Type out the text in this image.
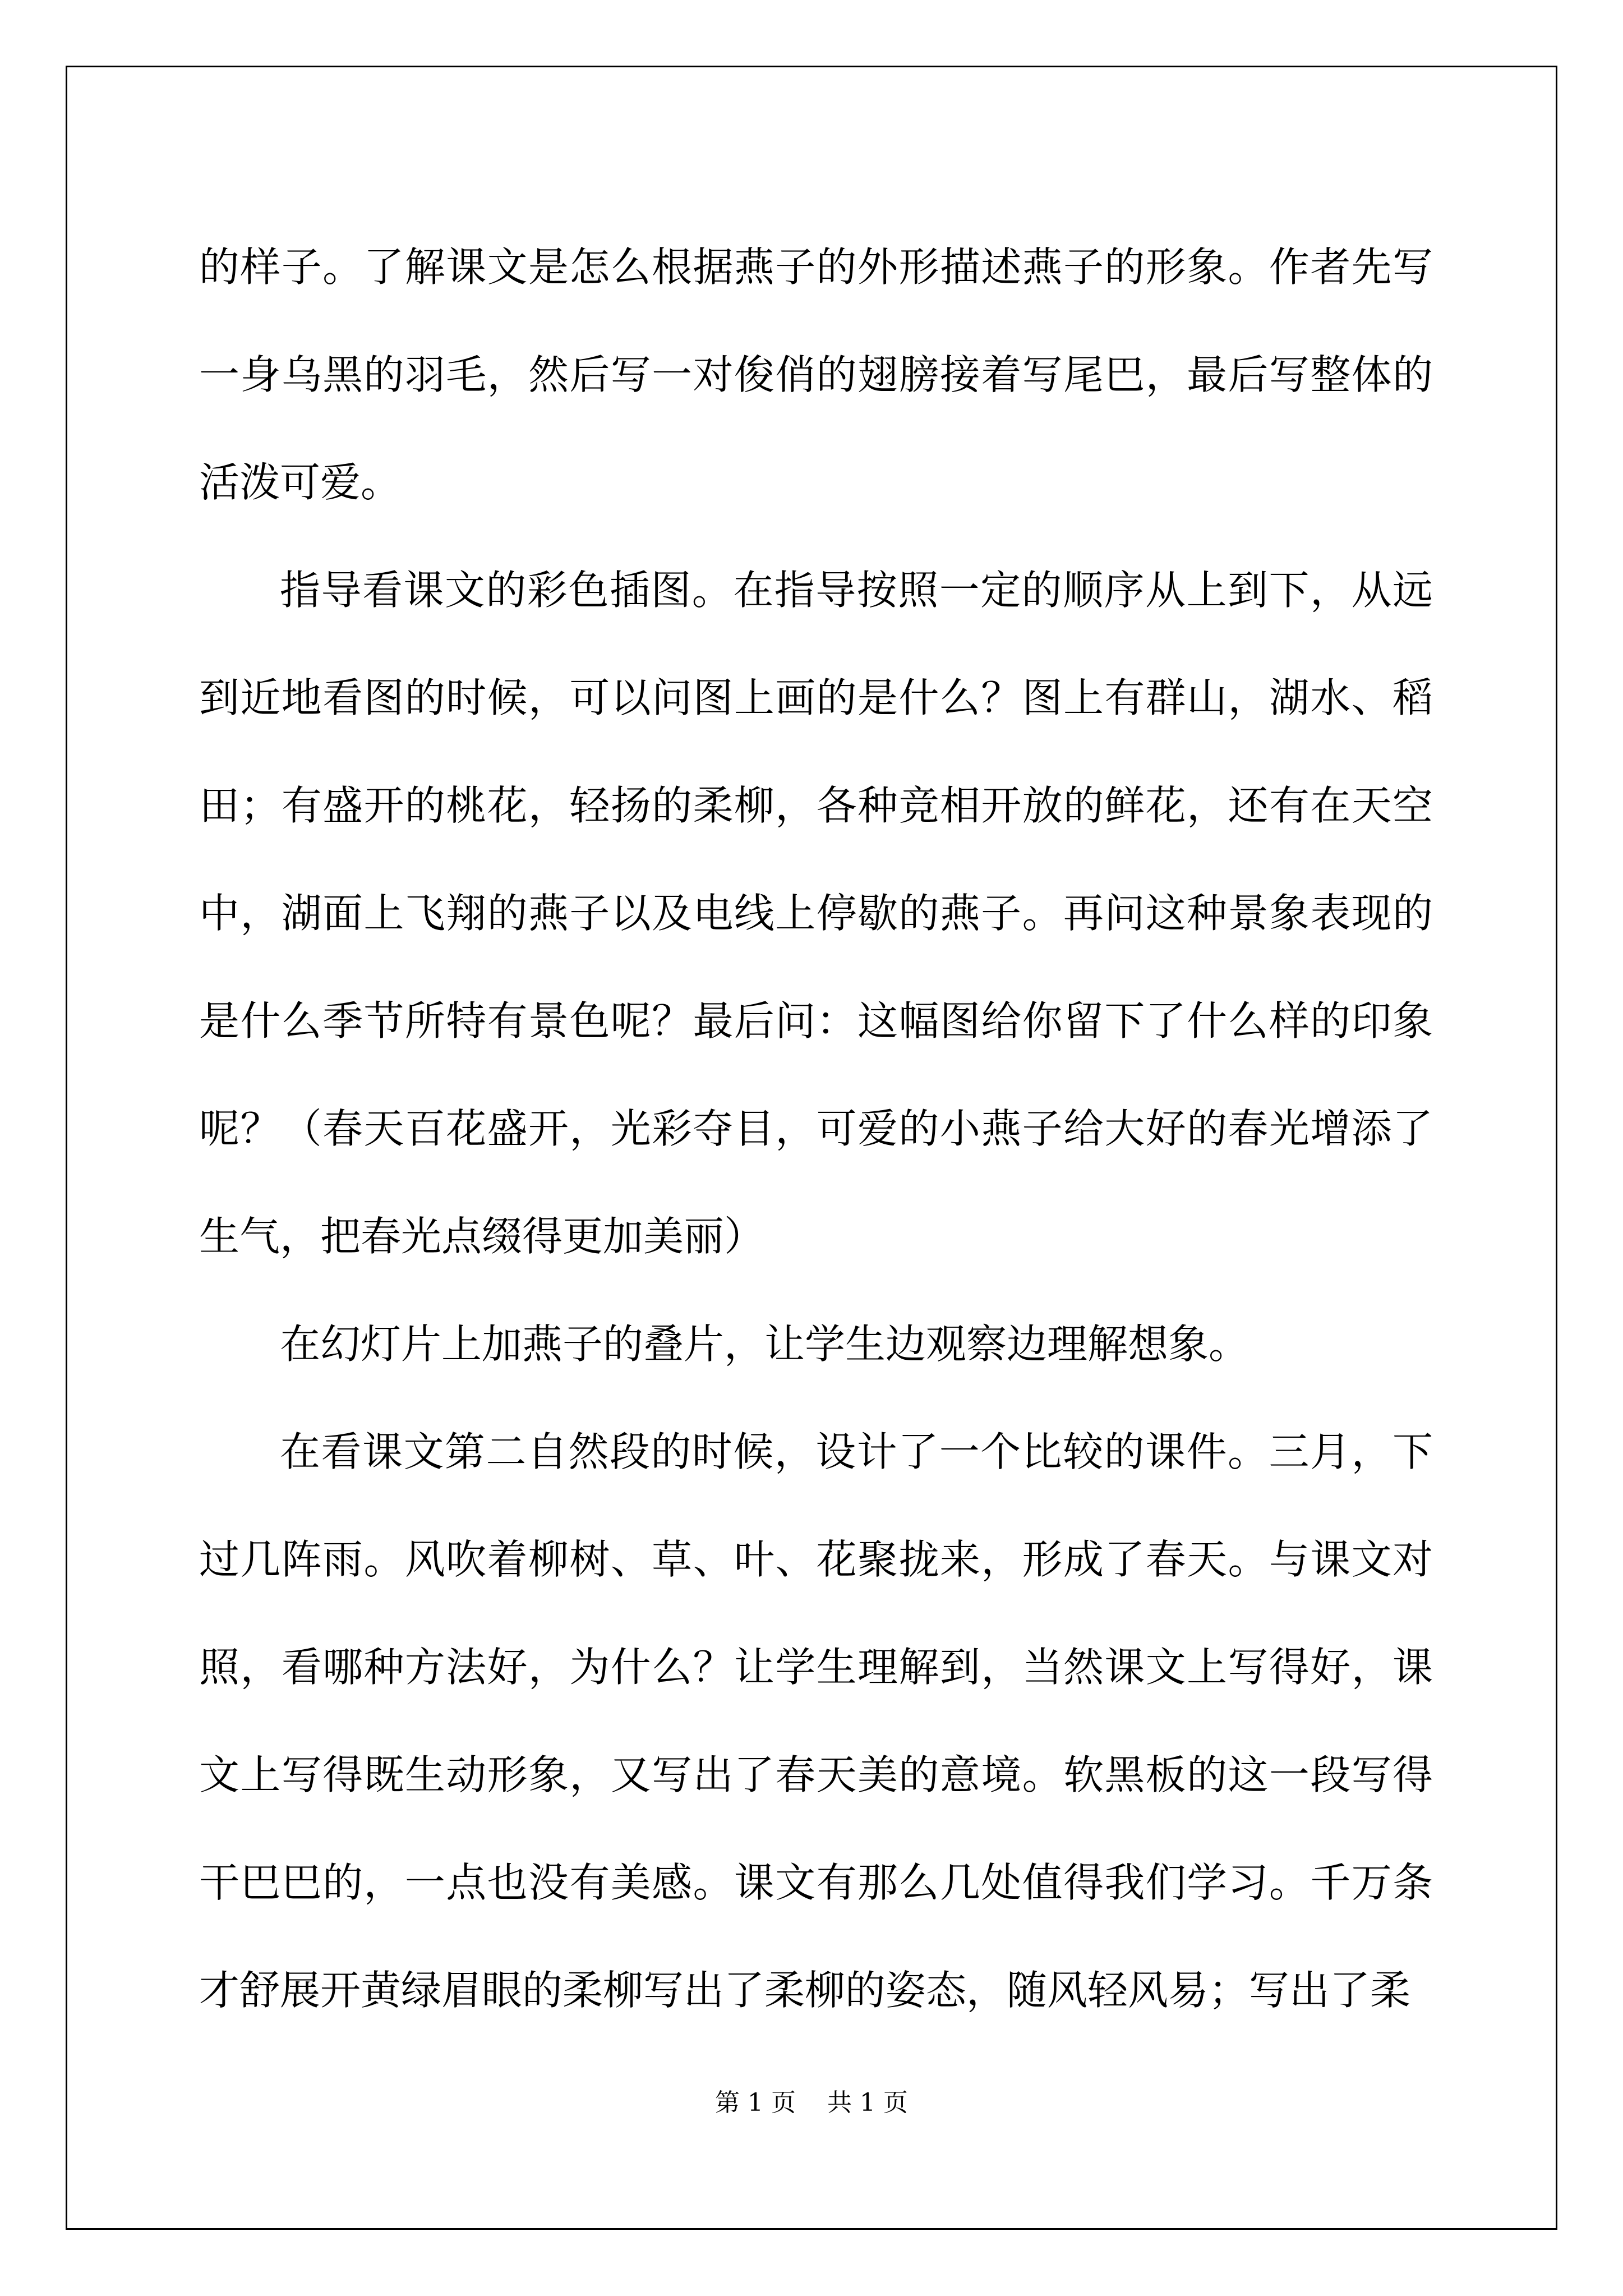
的样子。了解课文是怎么根据燕子的外形描述燕子的形象。作者先写一身乌黑的羽毛，然后写一对俊俏的翅膀接着写尾巴，最后写整体的活泼可爱。

指导看课文的彩色插图。在指导按照一定的顺序从上到下，从远到近地看图的时候，可以问图上画的是什么？图上有群山，湖水、稻田；有盛开的桃花，轻扬的柔柳，各种竞相开放的鲜花，还有在天空中，湖面上飞翔的燕子以及电线上停歇的燕子。再问这种景象表现的是什么季节所特有景色呢？最后问：这幅图给你留下了什么样的印象呢？（春天百花盛开，光彩夺目，可爱的小燕子给大好的春光增添了生气，把春光点缀得更加美丽）

在幻灯片上加燕子的叠片，让学生边观察边理解想象。

在看课文第二自然段的时候，设计了一个比较的课件。三月，下过几阵雨。风吹着柳树、草、叶、花聚拢来，形成了春天。与课文对照，看哪种方法好，为什么？让学生理解到，当然课文上写得好，课文上写得既生动形象，又写出了春天美的意境。软黑板的这一段写得干巴巴的，一点也没有美感。课文有那么几处值得我们学习。千万条才舒展开黄绿眉眼的柔柳写出了柔柳的姿态，随风轻风易；写出了柔

第 1 页    共 1 页
